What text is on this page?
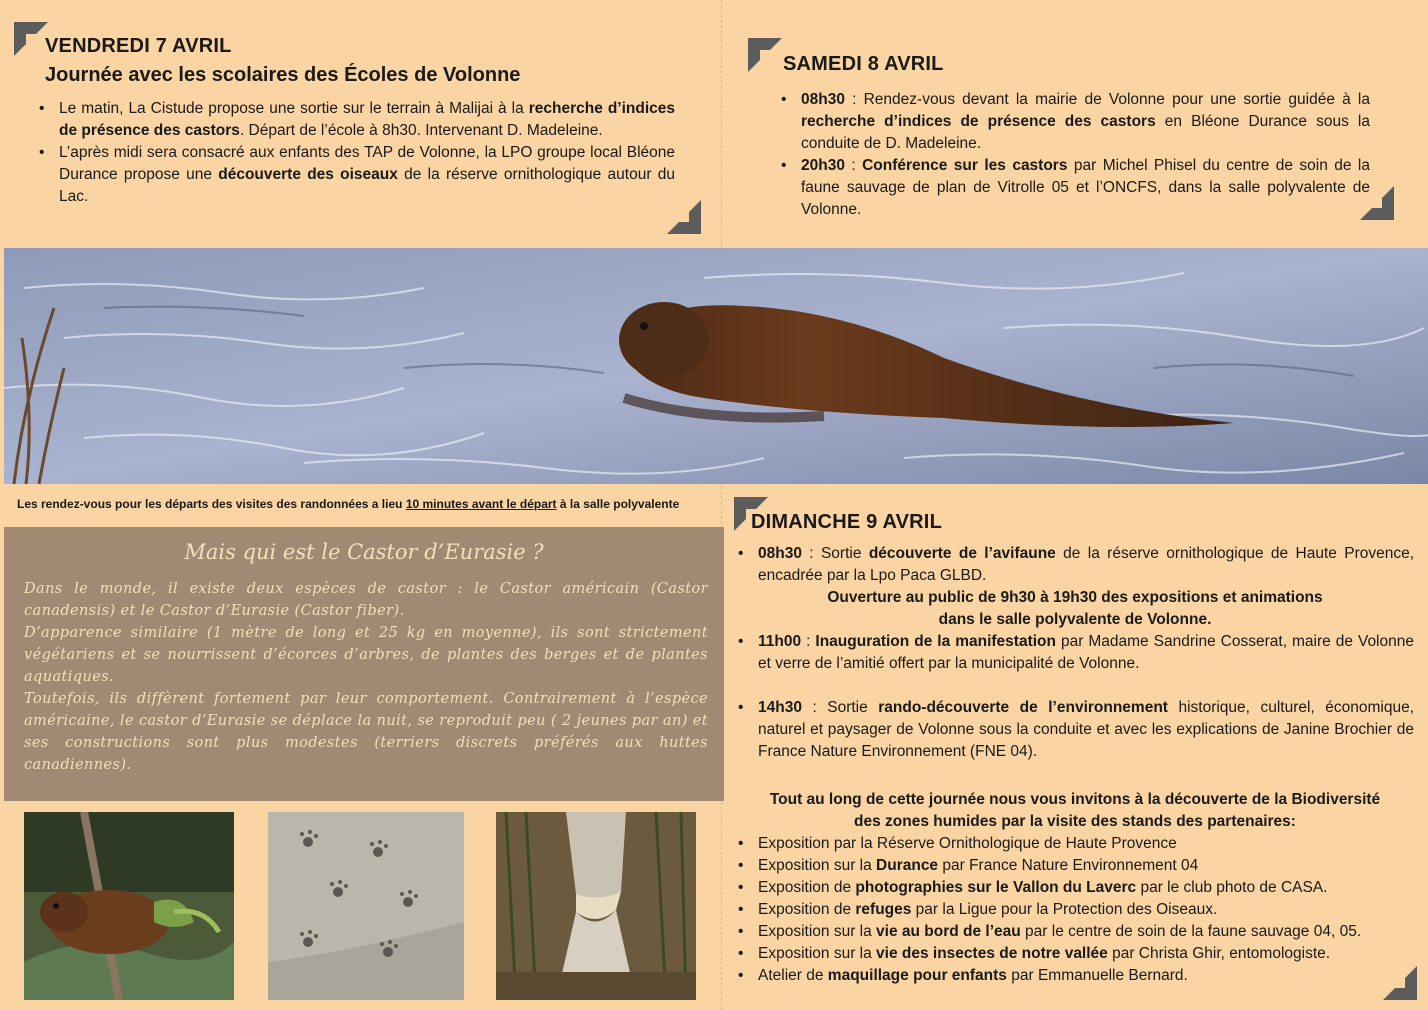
VENDREDI 7 AVRIL
Journée avec les scolaires des Écoles de Volonne
• Le matin, La Cistude propose une sortie sur le terrain à Malijai à la recherche d’indices de présence des castors. Départ de l’école à 8h30. Intervenant D. Madeleine.
• L’après midi sera consacré aux enfants des TAP de Volonne, la LPO groupe local Bléone Durance propose une découverte des oiseaux de la réserve ornithologique autour du Lac.
SAMEDI 8 AVRIL
• 08h30 : Rendez-vous devant la mairie de Volonne pour une sortie guidée à la recherche d’indices de présence des castors en Bléone Durance sous la conduite de D. Madeleine.
• 20h30 : Conférence sur les castors par Michel Phisel du centre de soin de la faune sauvage de plan de Vitrolle 05 et l’ONCFS, dans la salle polyvalente de Volonne.
Les rendez-vous pour les départs des visites des randonnées a lieu 10 minutes avant le départ à la salle polyvalente
Mais qui est le Castor d’Eurasie ?
Dans le monde, il existe deux espèces de castor : le Castor américain (Castor canadensis) et le Castor d’Eurasie (Castor fiber).
D’apparence similaire (1 mètre de long et 25 kg en moyenne), ils sont strictement végétariens et se nourrissent d’écorces d’arbres, de plantes des berges et de plantes aquatiques.
Toutefois, ils diffèrent fortement par leur comportement. Contrairement à l’espèce américaine, le castor d’Eurasie se déplace la nuit, se reproduit peu ( 2 jeunes par an) et ses constructions sont plus modestes (terriers discrets préférés aux huttes canadiennes).
DIMANCHE 9 AVRIL
• 08h30 : Sortie découverte de l’avifaune de la réserve ornithologique de Haute Provence, encadrée par la Lpo Paca GLBD.
Ouverture au public de 9h30 à 19h30 des expositions et animations
dans le salle polyvalente de Volonne.
• 11h00 : Inauguration de la manifestation par Madame Sandrine Cosserat, maire de Volonne et verre de l’amitié offert par la municipalité de Volonne.
• 14h30 : Sortie rando-découverte de l’environnement historique, culturel, économique, naturel et paysager de Volonne sous la conduite et avec les explications de Janine Brochier de France Nature Environnement (FNE 04).
Tout au long de cette journée nous vous invitons à la découverte de la Biodiversité
des zones humides par la visite des stands des partenaires:
• Exposition par la Réserve Ornithologique de Haute Provence
• Exposition sur la Durance par France Nature Environnement 04
• Exposition de photographies sur le Vallon du Laverc par le club photo de CASA.
• Exposition de refuges par la Ligue pour la Protection des Oiseaux.
• Exposition sur la vie au bord de l’eau par le centre de soin de la faune sauvage 04, 05.
• Exposition sur la vie des insectes de notre vallée par Christa Ghir, entomologiste.
• Atelier de maquillage pour enfants par Emmanuelle Bernard.
